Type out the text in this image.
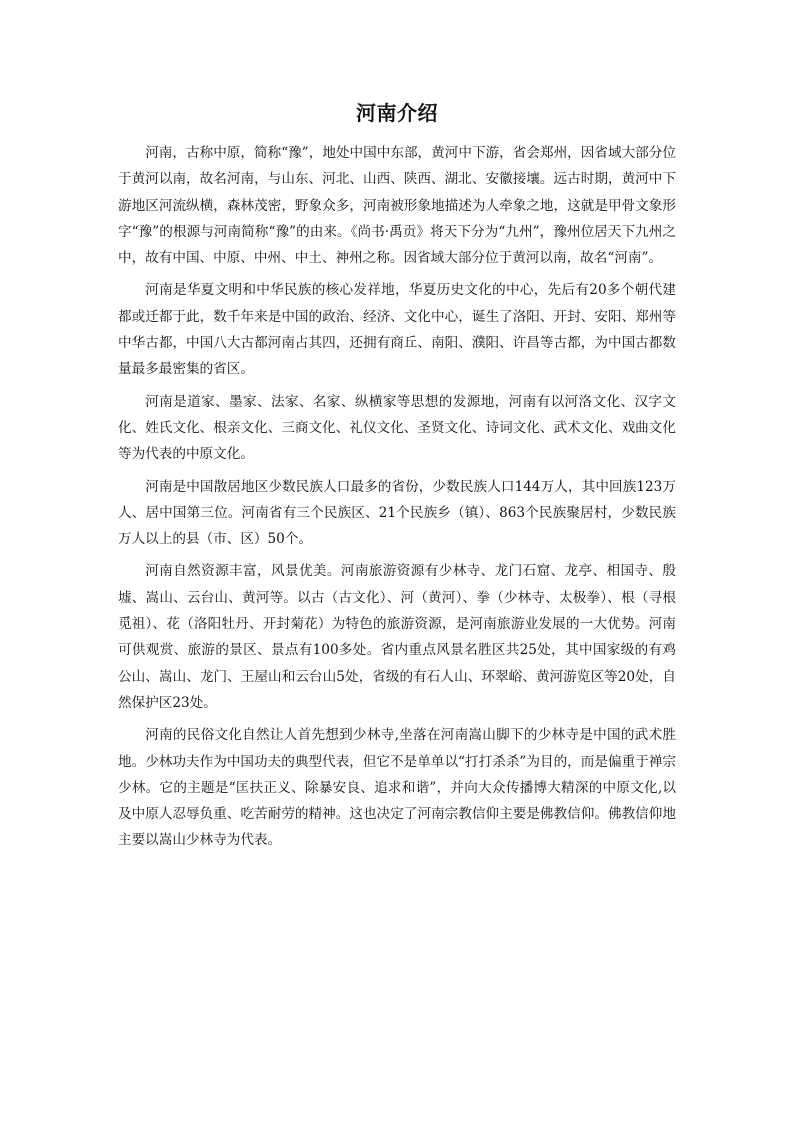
河南介绍

河南，古称中原，简称“豫”，地处中国中东部，黄河中下游，省会郑州，因省域大部分位于黄河以南，故名河南，与山东、河北、山西、陕西、湖北、安徽接壤。远古时期，黄河中下游地区河流纵横，森林茂密，野象众多，河南被形象地描述为人牵象之地，这就是甲骨文象形字“豫”的根源与河南简称“豫”的由来。《尚书·禹贡》将天下分为“九州”，豫州位居天下九州之中，故有中国、中原、中州、中土、神州之称。因省域大部分位于黄河以南，故名“河南”。

河南是华夏文明和中华民族的核心发祥地，华夏历史文化的中心，先后有20多个朝代建都或迁都于此，数千年来是中国的政治、经济、文化中心，诞生了洛阳、开封、安阳、郑州等中华古都，中国八大古都河南占其四，还拥有商丘、南阳、濮阳、许昌等古都，为中国古都数量最多最密集的省区。

河南是道家、墨家、法家、名家、纵横家等思想的发源地，河南有以河洛文化、汉字文化、姓氏文化、根亲文化、三商文化、礼仪文化、圣贤文化、诗词文化、武术文化、戏曲文化等为代表的中原文化。

河南是中国散居地区少数民族人口最多的省份，少数民族人口144万人，其中回族123万人、居中国第三位。河南省有三个民族区、21个民族乡（镇）、863个民族聚居村，少数民族万人以上的县（市、区）50个。

河南自然资源丰富，风景优美。河南旅游资源有少林寺、龙门石窟、龙亭、相国寺、殷墟、嵩山、云台山、黄河等。以古（古文化）、河（黄河）、拳（少林寺、太极拳）、根（寻根觅祖）、花（洛阳牡丹、开封菊花）为特色的旅游资源，是河南旅游业发展的一大优势。河南可供观赏、旅游的景区、景点有100多处。省内重点风景名胜区共25处，其中国家级的有鸡公山、嵩山、龙门、王屋山和云台山5处，省级的有石人山、环翠峪、黄河游览区等20处，自然保护区23处。

河南的民俗文化自然让人首先想到少林寺,坐落在河南嵩山脚下的少林寺是中国的武术胜地。少林功夫作为中国功夫的典型代表，但它不是单单以“打打杀杀”为目的，而是偏重于禅宗少林。它的主题是“匡扶正义、除暴安良、追求和谐”，并向大众传播博大精深的中原文化,以及中原人忍辱负重、吃苦耐劳的精神。这也决定了河南宗教信仰主要是佛教信仰。佛教信仰地主要以嵩山少林寺为代表。
